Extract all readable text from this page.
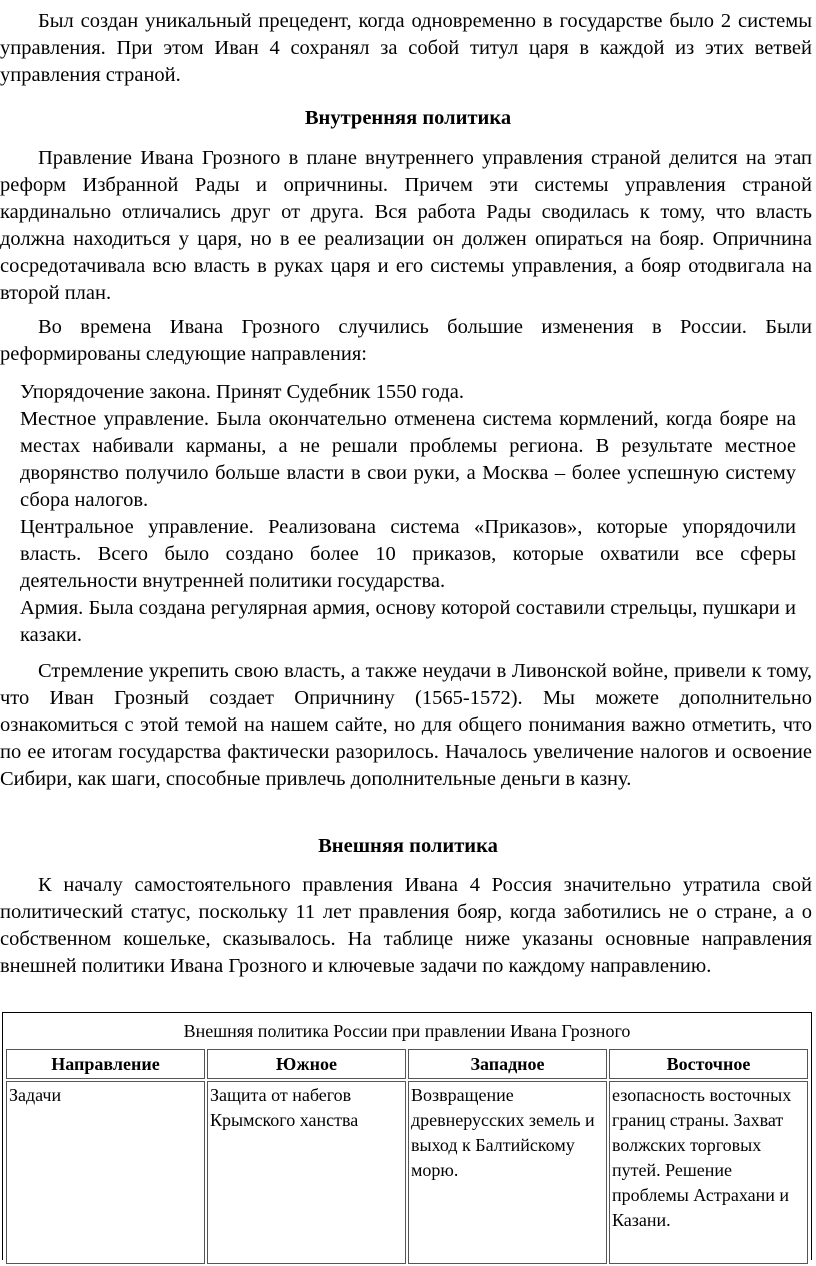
Был создан уникальный прецедент, когда одновременно в государстве было 2 системы управления. При этом Иван 4 сохранял за собой титул царя в каждой из этих ветвей управления страной.

Внутренняя политика

Правление Ивана Грозного в плане внутреннего управления страной делится на этап реформ Избранной Рады и опричнины. Причем эти системы управления страной кардинально отличались друг от друга. Вся работа Рады сводилась к тому, что власть должна находиться у царя, но в ее реализации он должен опираться на бояр. Опричнина сосредотачивала всю власть в руках царя и его системы управления, а бояр отодвигала на второй план.

Во времена Ивана Грозного случились большие изменения в России. Были реформированы следующие направления:

Упорядочение закона. Принят Судебник 1550 года.

Местное управление. Была окончательно отменена система кормлений, когда бояре на местах набивали карманы, а не решали проблемы региона. В результате местное дворянство получило больше власти в свои руки, а Москва – более успешную систему сбора налогов.

Центральное управление. Реализована система «Приказов», которые упорядочили власть. Всего было создано более 10 приказов, которые охватили все сферы деятельности внутренней политики государства.

Армия. Была создана регулярная армия, основу которой составили стрельцы, пушкари и казаки.

Стремление укрепить свою власть, а также неудачи в Ливонской войне, привели к тому, что Иван Грозный создает Опричнину (1565-1572). Мы можете дополнительно ознакомиться с этой темой на нашем сайте, но для общего понимания важно отметить, что по ее итогам государства фактически разорилось. Началось увеличение налогов и освоение Сибири, как шаги, способные привлечь дополнительные деньги в казну.

Внешняя политика

К началу самостоятельного правления Ивана 4 Россия значительно утратила свой политический статус, поскольку 11 лет правления бояр, когда заботились не о стране, а о собственном кошельке, сказывалось. На таблице ниже указаны основные направления внешней политики Ивана Грозного и ключевые задачи по каждому направлению.

Внешняя политика России при правлении Ивана Грозного
Направление	Южное	Западное	Восточное
Задачи	Защита от набегов Крымского ханства	Возвращение древнерусских земель и выход к Балтийскому морю.	езопасность восточных границ страны. Захват волжских торговых путей. Решение проблемы Астрахани и Казани.
